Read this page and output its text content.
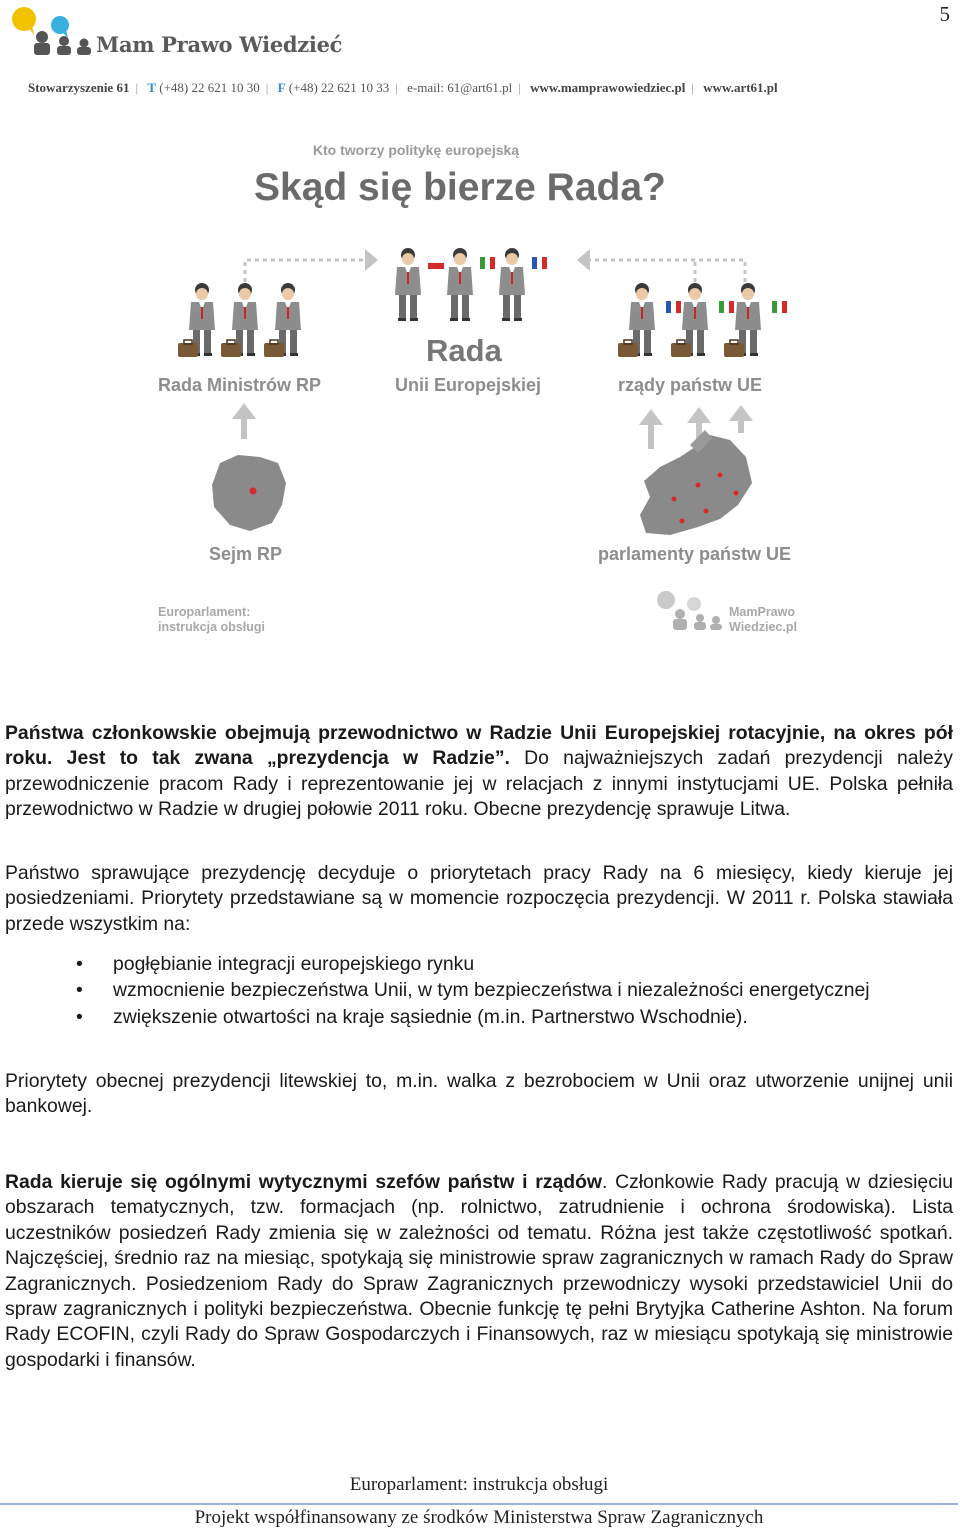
5
Mam Prawo Wiedzieć
Stowarzyszenie 61 | T (+48) 22 621 10 30 | F (+48) 22 621 10 33 | e-mail: 61@art61.pl | www.mamprawowiedziec.pl | www.art61.pl
Kto tworzy politykę europejską
Skąd się bierze Rada?
Rada Ministrów RP
Rada
Unii Europejskiej	rządy państw UE
Sejm RP	parlamenty państw UE
Europarlament:
instrukcja obsługi
MamPrawo
Wiedziec.pl

Państwa członkowskie obejmują przewodnictwo w Radzie Unii Europejskiej rotacyjnie, na okres pół roku. Jest to tak zwana „prezydencja w Radzie”. Do najważniejszych zadań prezydencji należy przewodniczenie pracom Rady i reprezentowanie jej w relacjach z innymi instytucjami UE. Polska pełniła przewodnictwo w Radzie w drugiej połowie 2011 roku. Obecne prezydencję sprawuje Litwa.

Państwo sprawujące prezydencję decyduje o priorytetach pracy Rady na 6 miesięcy, kiedy kieruje jej posiedzeniami. Priorytety przedstawiane są w momencie rozpoczęcia prezydencji. W 2011 r. Polska stawiała przede wszystkim na:

• pogłębianie integracji europejskiego rynku
• wzmocnienie bezpieczeństwa Unii, w tym bezpieczeństwa i niezależności energetycznej
• zwiększenie otwartości na kraje sąsiednie (m.in. Partnerstwo Wschodnie).

Priorytety obecnej prezydencji litewskiej to, m.in. walka z bezrobociem w Unii oraz utworzenie unijnej unii bankowej.

Rada kieruje się ogólnymi wytycznymi szefów państw i rządów. Członkowie Rady pracują w dziesięciu obszarach tematycznych, tzw. formacjach (np. rolnictwo, zatrudnienie i ochrona środowiska). Lista uczestników posiedzeń Rady zmienia się w zależności od tematu. Różna jest także częstotliwość spotkań. Najczęściej, średnio raz na miesiąc, spotykają się ministrowie spraw zagranicznych w ramach Rady do Spraw Zagranicznych. Posiedzeniom Rady do Spraw Zagranicznych przewodniczy wysoki przedstawiciel Unii do spraw zagranicznych i polityki bezpieczeństwa. Obecnie funkcję tę pełni Brytyjka Catherine Ashton. Na forum Rady ECOFIN, czyli Rady do Spraw Gospodarczych i Finansowych, raz w miesiącu spotykają się ministrowie gospodarki i finansów.

Europarlament: instrukcja obsługi
Projekt współfinansowany ze środków Ministerstwa Spraw Zagranicznych
